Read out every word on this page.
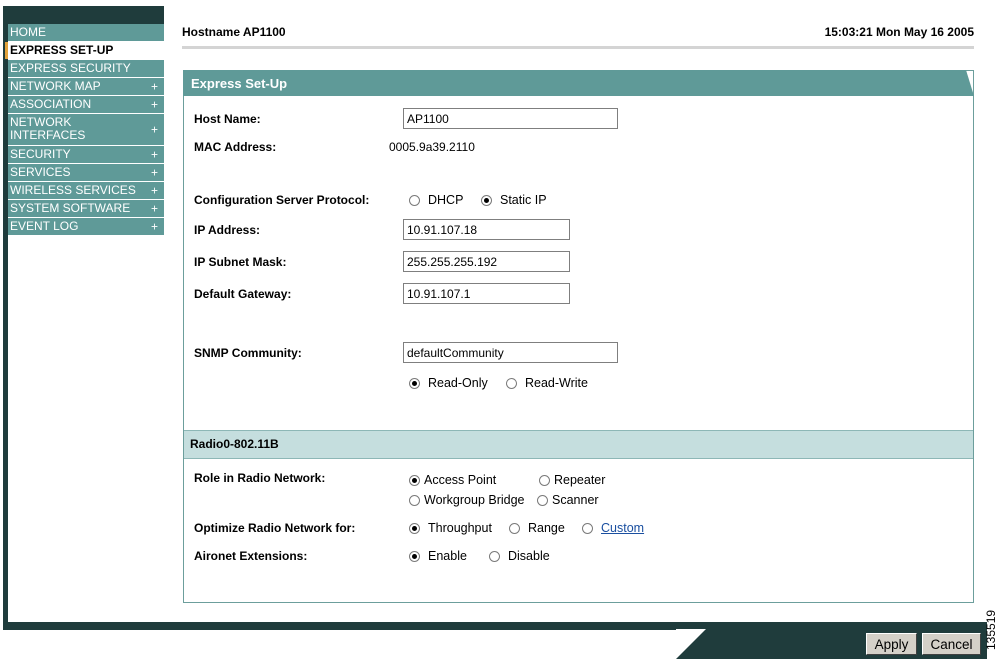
HOME
EXPRESS SET-UP
EXPRESS SECURITY
NETWORK MAP	+
ASSOCIATION	+
NETWORK
INTERFACES	+
SECURITY	+
SERVICES	+
WIRELESS SERVICES +
SYSTEM SOFTWARE +
EVENT LOG	+
Hostname AP1100	15:03:21 Mon May 16 2005
Express Set-Up
Host Name:
AP1100
MAC Address:	0005.9a39.2110
Configuration Server Protocol:	DHCP	Static IP
IP Address:
10.91.107.18
IP Subnet Mask:
255.255.255.192
Default Gateway:
10.91.107.1
SNMP Community:
defaultCommunity
Read-Only	Read-Write
Radio0-802.11B
Role in Radio Network:	Access Point	Repeater
Workgroup Bridge Scanner
Optimize Radio Network for:	Throughput	Range	Custom
Aironet Extensions:	Enable	Disable
Apply	Cancel 135519
